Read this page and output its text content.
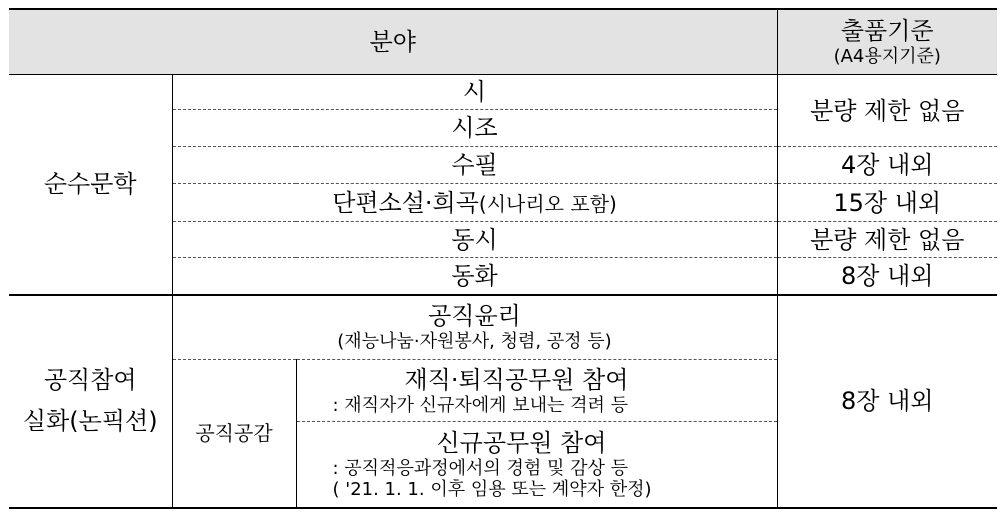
분야			출품기준
(A4용지기준)

순수문학	시		분량 제한 없음
	시조		
	수필		4장 내외
	단편소설·희곡(시나리오 포함)		15장 내외
	동시		분량 제한 없음
	동화		8장 내외

공직참여
실화(논픽션)	공직윤리
(재능나눔·자원봉사, 청렴, 공정 등)		8장 내외
	공직공감	재직·퇴직공무원 참여
: 재직자가 신규자에게 보내는 격려 등	

		신규공무원 참여
: 공직적응과정에서의 경험 및 감상 등
( '21. 1. 1. 이후 임용 또는 계약자 한정)	
